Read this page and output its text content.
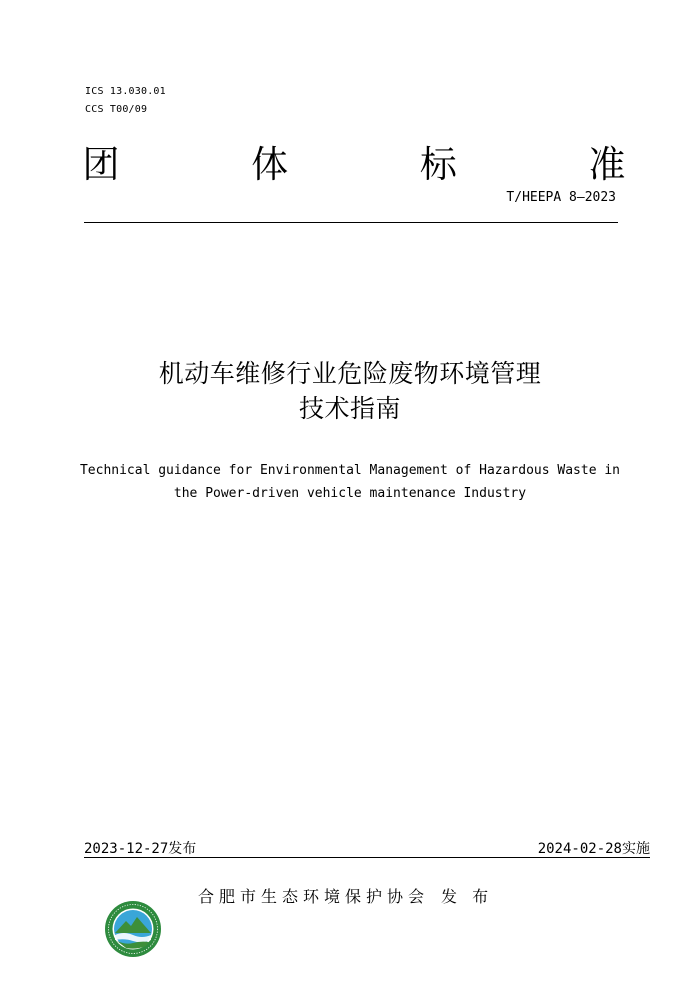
ICS 13.030.01
CCS T00/09
团	体	标	准
T/HEEPA 8—2023
机动车维修行业危险废物环境管理
技术指南
Technical guidance for Environmental Management of Hazardous Waste in
the Power-driven vehicle maintenance Industry
2023-12-27发布	2024-02-28实施
合肥市生态环境保护协会 发 布
